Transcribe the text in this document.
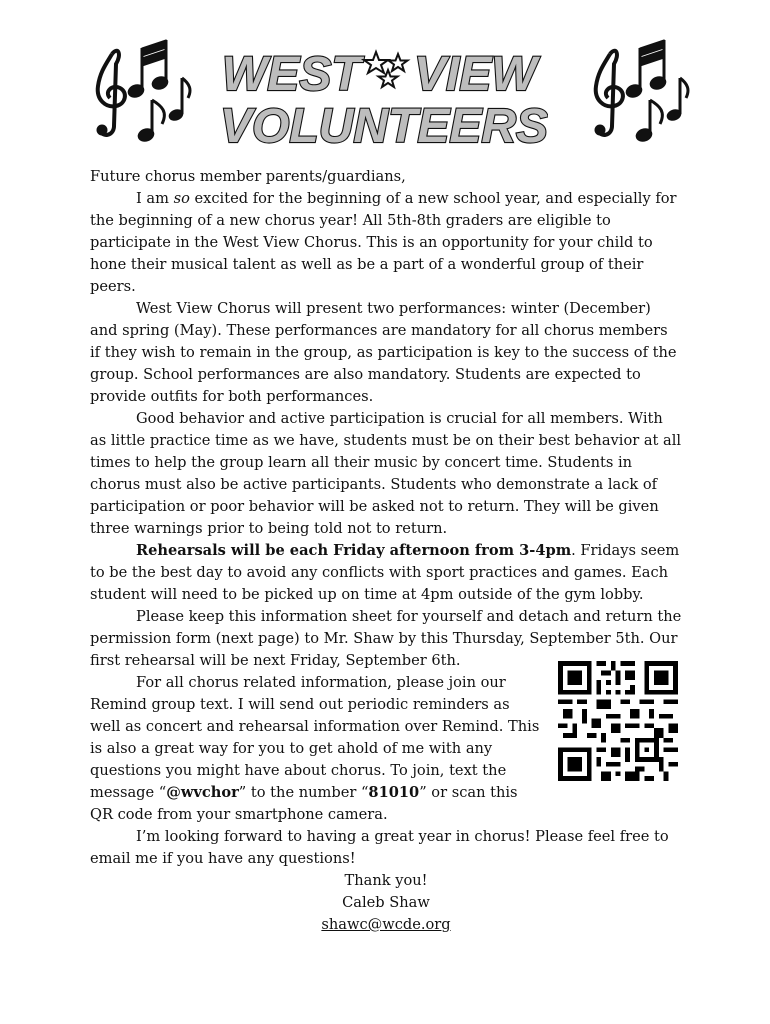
WEST VIEW
VOLUNTEERS

Future chorus member parents/guardians,

I am so excited for the beginning of a new school year, and especially for the beginning of a new chorus year! All 5th-8th graders are eligible to participate in the West View Chorus. This is an opportunity for your child to hone their musical talent as well as be a part of a wonderful group of their peers.

West View Chorus will present two performances: winter (December) and spring (May). These performances are mandatory for all chorus members if they wish to remain in the group, as participation is key to the success of the group. School performances are also mandatory. Students are expected to provide outfits for both performances.

Good behavior and active participation is crucial for all members. With as little practice time as we have, students must be on their best behavior at all times to help the group learn all their music by concert time. Students in chorus must also be active participants. Students who demonstrate a lack of participation or poor behavior will be asked not to return. They will be given three warnings prior to being told not to return.

Rehearsals will be each Friday afternoon from 3-4pm. Fridays seem to be the best day to avoid any conflicts with sport practices and games. Each student will need to be picked up on time at 4pm outside of the gym lobby.

Please keep this information sheet for yourself and detach and return the permission form (next page) to Mr. Shaw by this Thursday, September 5th. Our first rehearsal will be next Friday, September 6th.

For all chorus related information, please join our Remind group text. I will send out periodic reminders as well as concert and rehearsal information over Remind. This is also a great way for you to get ahold of me with any questions you might have about chorus. To join, text the message “@wvchor” to the number “81010” or scan this QR code from your smartphone camera.

I’m looking forward to having a great year in chorus! Please feel free to email me if you have any questions!

Thank you!
Caleb Shaw
shawc@wcde.org
